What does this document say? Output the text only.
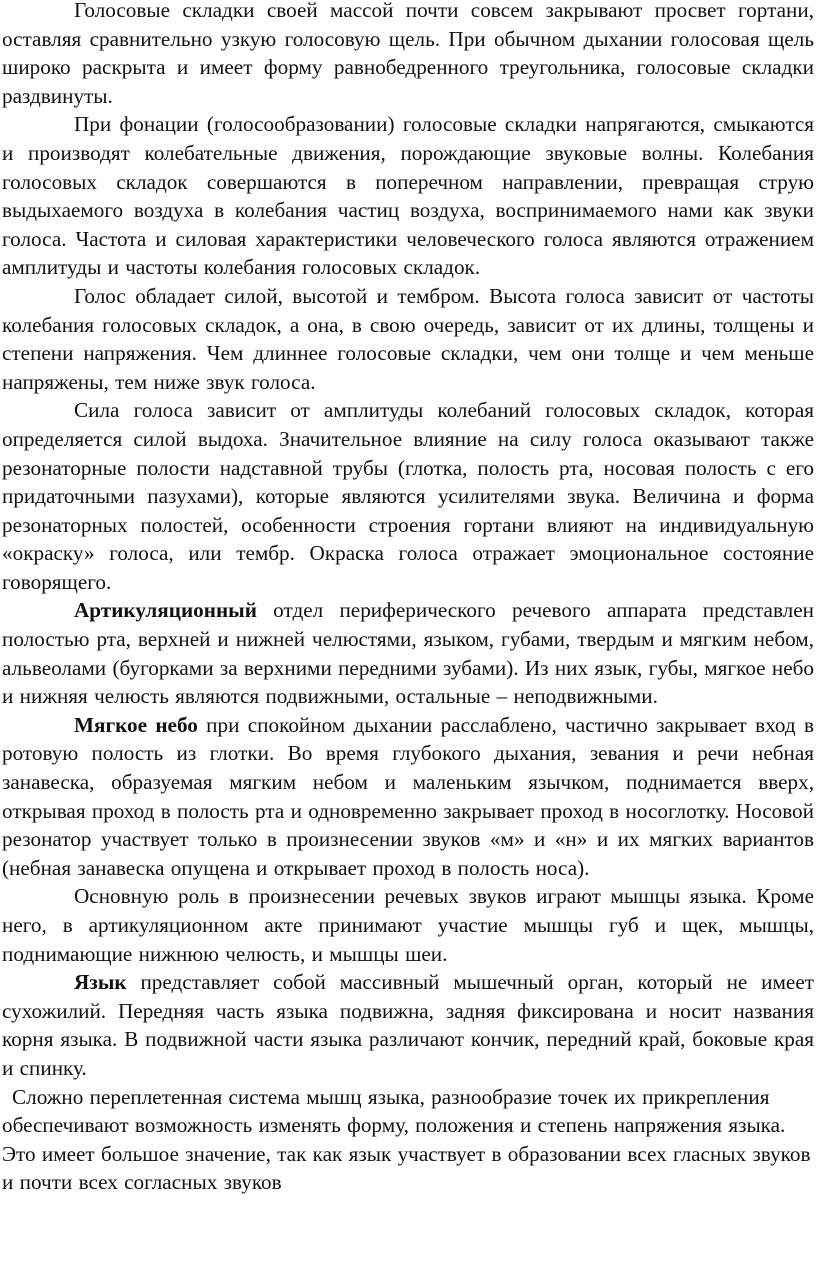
Голосовые складки своей массой почти совсем закрывают просвет гортани, оставляя сравнительно узкую голосовую щель. При обычном дыхании голосовая щель широко раскрыта и имеет форму равнобедренного треугольника, голосовые складки раздвинуты.

При фонации (голосообразовании) голосовые складки напрягаются, смыкаются и производят колебательные движения, порождающие звуковые волны. Колебания голосовых складок совершаются в поперечном направлении, превращая струю выдыхаемого воздуха в колебания частиц воздуха, воспринимаемого нами как звуки голоса. Частота и силовая характеристики человеческого голоса являются отражением амплитуды и частоты колебания голосовых складок.

Голос обладает силой, высотой и тембром. Высота голоса зависит от частоты колебания голосовых складок, а она, в свою очередь, зависит от их длины, толщены и степени напряжения. Чем длиннее голосовые складки, чем они толще и чем меньше напряжены, тем ниже звук голоса.

Сила голоса зависит от амплитуды колебаний голосовых складок, которая определяется силой выдоха. Значительное влияние на силу голоса оказывают также резонаторные полости надставной трубы (глотка, полость рта, носовая полость с его придаточными пазухами), которые являются усилителями звука. Величина и форма резонаторных полостей, особенности строения гортани влияют на индивидуальную «окраску» голоса, или тембр. Окраска голоса отражает эмоциональное состояние говорящего.

Артикуляционный отдел периферического речевого аппарата представлен полостью рта, верхней и нижней челюстями, языком, губами, твердым и мягким небом, альвеолами (бугорками за верхними передними зубами). Из них язык, губы, мягкое небо и нижняя челюсть являются подвижными, остальные – неподвижными.

Мягкое небо при спокойном дыхании расслаблено, частично закрывает вход в ротовую полость из глотки. Во время глубокого дыхания, зевания и речи небная занавеска, образуемая мягким небом и маленьким язычком, поднимается вверх, открывая проход в полость рта и одновременно закрывает проход в носоглотку. Носовой резонатор участвует только в произнесении звуков «м» и «н» и их мягких вариантов (небная занавеска опущена и открывает проход в полость носа).

Основную роль в произнесении речевых звуков играют мышцы языка. Кроме него, в артикуляционном акте принимают участие мышцы губ и щек, мышцы, поднимающие нижнюю челюсть, и мышцы шеи.

Язык представляет собой массивный мышечный орган, который не имеет сухожилий. Передняя часть языка подвижна, задняя фиксирована и носит названия корня языка. В подвижной части языка различают кончик, передний край, боковые края и спинку.

Сложно переплетенная система мышц языка, разнообразие точек их прикрепления обеспечивают возможность изменять форму, положения и степень напряжения языка. Это имеет большое значение, так как язык участвует в образовании всех гласных звуков и почти всех согласных звуков
